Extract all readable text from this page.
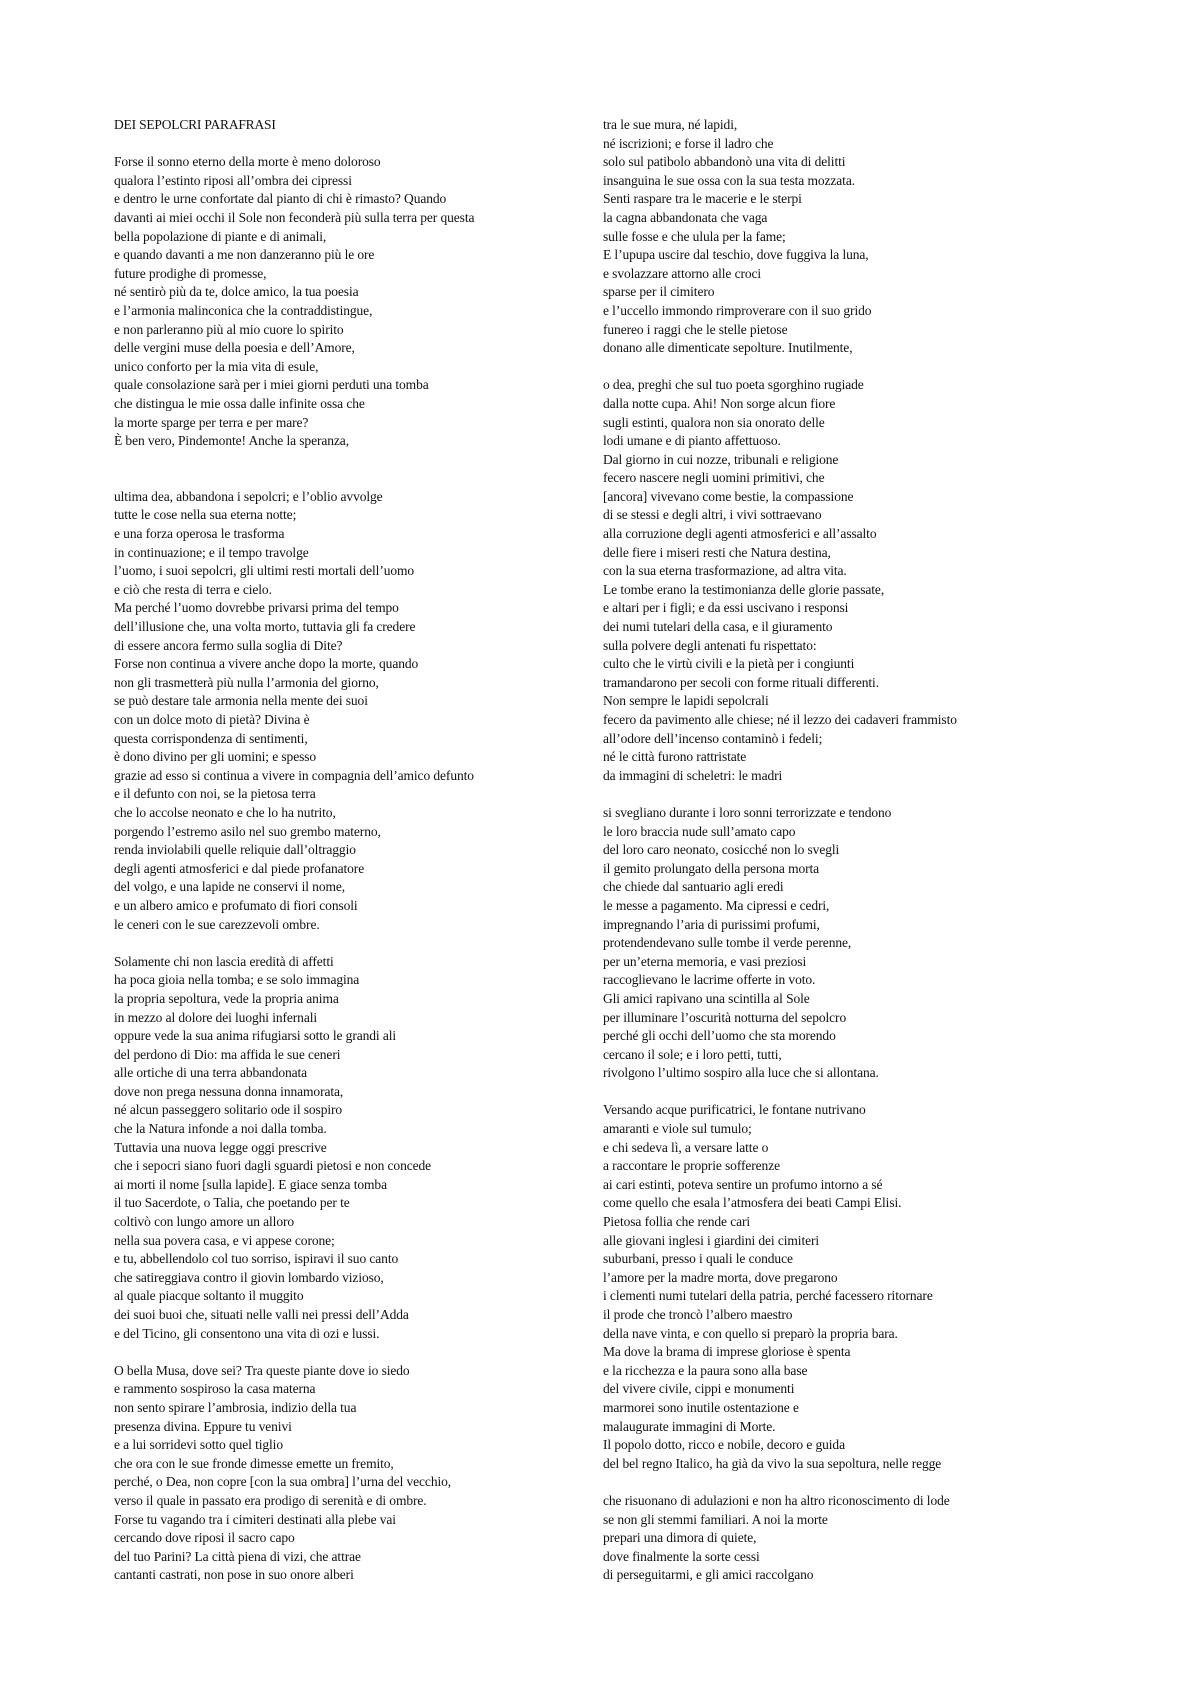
DEI SEPOLCRI PARAFRASI
Forse il sonno eterno della morte è meno doloroso
qualora l’estinto riposi all’ombra dei cipressi
e dentro le urne confortate dal pianto di chi è rimasto? Quando
davanti ai miei occhi il Sole non feconderà più sulla terra per questa
bella popolazione di piante e di animali,
e quando davanti a me non danzeranno più le ore
future prodighe di promesse,
né sentirò più da te, dolce amico, la tua poesia
e l’armonia malinconica che la contraddistingue,
e non parleranno più al mio cuore lo spirito
delle vergini muse della poesia e dell’Amore,
unico conforto per la mia vita di esule,
quale consolazione sarà per i miei giorni perduti una tomba
che distingua le mie ossa dalle infinite ossa che
la morte sparge per terra e per mare?
È ben vero, Pindemonte! Anche la speranza,
ultima dea, abbandona i sepolcri; e l’oblio avvolge
tutte le cose nella sua eterna notte;
e una forza operosa le trasforma
in continuazione; e il tempo travolge
l’uomo, i suoi sepolcri, gli ultimi resti mortali dell’uomo
e ciò che resta di terra e cielo.
Ma perché l’uomo dovrebbe privarsi prima del tempo
dell’illusione che, una volta morto, tuttavia gli fa credere
di essere ancora fermo sulla soglia di Dite?
Forse non continua a vivere anche dopo la morte, quando
non gli trasmetterà più nulla l’armonia del giorno,
se può destare tale armonia nella mente dei suoi
con un dolce moto di pietà? Divina è
questa corrispondenza di sentimenti,
è dono divino per gli uomini; e spesso
grazie ad esso si continua a vivere in compagnia dell’amico defunto
e il defunto con noi, se la pietosa terra
che lo accolse neonato e che lo ha nutrito,
porgendo l’estremo asilo nel suo grembo materno,
renda inviolabili quelle reliquie dall’oltraggio
degli agenti atmosferici e dal piede profanatore
del volgo, e una lapide ne conservi il nome,
e un albero amico e profumato di fiori consoli
le ceneri con le sue carezzevoli ombre.
Solamente chi non lascia eredità di affetti
ha poca gioia nella tomba; e se solo immagina
la propria sepoltura, vede la propria anima
in mezzo al dolore dei luoghi infernali
oppure vede la sua anima rifugiarsi sotto le grandi ali
del perdono di Dio: ma affida le sue ceneri
alle ortiche di una terra abbandonata
dove non prega nessuna donna innamorata,
né alcun passeggero solitario ode il sospiro
che la Natura infonde a noi dalla tomba.
Tuttavia una nuova legge oggi prescrive
che i sepocri siano fuori dagli sguardi pietosi e non concede
ai morti il nome [sulla lapide]. E giace senza tomba
il tuo Sacerdote, o Talia, che poetando per te
coltivò con lungo amore un alloro
nella sua povera casa, e vi appese corone;
e tu, abbellendolo col tuo sorriso, ispiravi il suo canto
che satireggiava contro il giovin lombardo vizioso,
al quale piacque soltanto il muggito
dei suoi buoi che, situati nelle valli nei pressi dell’Adda
e del Ticino, gli consentono una vita di ozi e lussi.
O bella Musa, dove sei? Tra queste piante dove io siedo
e rammento sospiroso la casa materna
non sento spirare l’ambrosia, indizio della tua
presenza divina. Eppure tu venivi
e a lui sorridevi sotto quel tiglio
che ora con le sue fronde dimesse emette un fremito,
perché, o Dea, non copre [con la sua ombra] l’urna del vecchio,
verso il quale in passato era prodigo di serenità e di ombre.
Forse tu vagando tra i cimiteri destinati alla plebe vai
cercando dove riposi il sacro capo
del tuo Parini? La città piena di vizi, che attrae
cantanti castrati, non pose in suo onore alberi
tra le sue mura, né lapidi,
né iscrizioni; e forse il ladro che
solo sul patibolo abbandonò una vita di delitti
insanguina le sue ossa con la sua testa mozzata.
Senti raspare tra le macerie e le sterpi
la cagna abbandonata che vaga
sulle fosse e che ulula per la fame;
E l’upupa uscire dal teschio, dove fuggiva la luna,
e svolazzare attorno alle croci
sparse per il cimitero
e l’uccello immondo rimproverare con il suo grido
funereo i raggi che le stelle pietose
donano alle dimenticate sepolture. Inutilmente,
o dea, preghi che sul tuo poeta sgorghino rugiade
dalla notte cupa. Ahi! Non sorge alcun fiore
sugli estinti, qualora non sia onorato delle
lodi umane e di pianto affettuoso.
Dal giorno in cui nozze, tribunali e religione
fecero nascere negli uomini primitivi, che
[ancora] vivevano come bestie, la compassione
di se stessi e degli altri, i vivi sottraevano
alla corruzione degli agenti atmosferici e all’assalto
delle fiere i miseri resti che Natura destina,
con la sua eterna trasformazione, ad altra vita.
Le tombe erano la testimonianza delle glorie passate,
e altari per i figli; e da essi uscivano i responsi
dei numi tutelari della casa, e il giuramento
sulla polvere degli antenati fu rispettato:
culto che le virtù civili e la pietà per i congiunti
tramandarono per secoli con forme rituali differenti.
Non sempre le lapidi sepolcrali
fecero da pavimento alle chiese; né il lezzo dei cadaveri frammisto
all’odore dell’incenso contaminò i fedeli;
né le città furono rattristate
da immagini di scheletri: le madri
si svegliano durante i loro sonni terrorizzate e tendono
le loro braccia nude sull’amato capo
del loro caro neonato, cosicché non lo svegli
il gemito prolungato della persona morta
che chiede dal santuario agli eredi
le messe a pagamento. Ma cipressi e cedri,
impregnando l’aria di purissimi profumi,
protendendevano sulle tombe il verde perenne,
per un’eterna memoria, e vasi preziosi
raccoglievano le lacrime offerte in voto.
Gli amici rapivano una scintilla al Sole
per illuminare l’oscurità notturna del sepolcro
perché gli occhi dell’uomo che sta morendo
cercano il sole; e i loro petti, tutti,
rivolgono l’ultimo sospiro alla luce che si allontana.
Versando acque purificatrici, le fontane nutrivano
amaranti e viole sul tumulo;
e chi sedeva lì, a versare latte o
a raccontare le proprie sofferenze
ai cari estinti, poteva sentire un profumo intorno a sé
come quello che esala l’atmosfera dei beati Campi Elisi.
Pietosa follia che rende cari
alle giovani inglesi i giardini dei cimiteri
suburbani, presso i quali le conduce
l’amore per la madre morta, dove pregarono
i clementi numi tutelari della patria, perché facessero ritornare
il prode che troncò l’albero maestro
della nave vinta, e con quello si preparò la propria bara.
Ma dove la brama di imprese gloriose è spenta
e la ricchezza e la paura sono alla base
del vivere civile, cippi e monumenti
marmorei sono inutile ostentazione e
malaugurate immagini di Morte.
Il popolo dotto, ricco e nobile, decoro e guida
del bel regno Italico, ha già da vivo la sua sepoltura, nelle regge
che risuonano di adulazioni e non ha altro riconoscimento di lode
se non gli stemmi familiari. A noi la morte
prepari una dimora di quiete,
dove finalmente la sorte cessi
di perseguitarmi, e gli amici raccolgano
